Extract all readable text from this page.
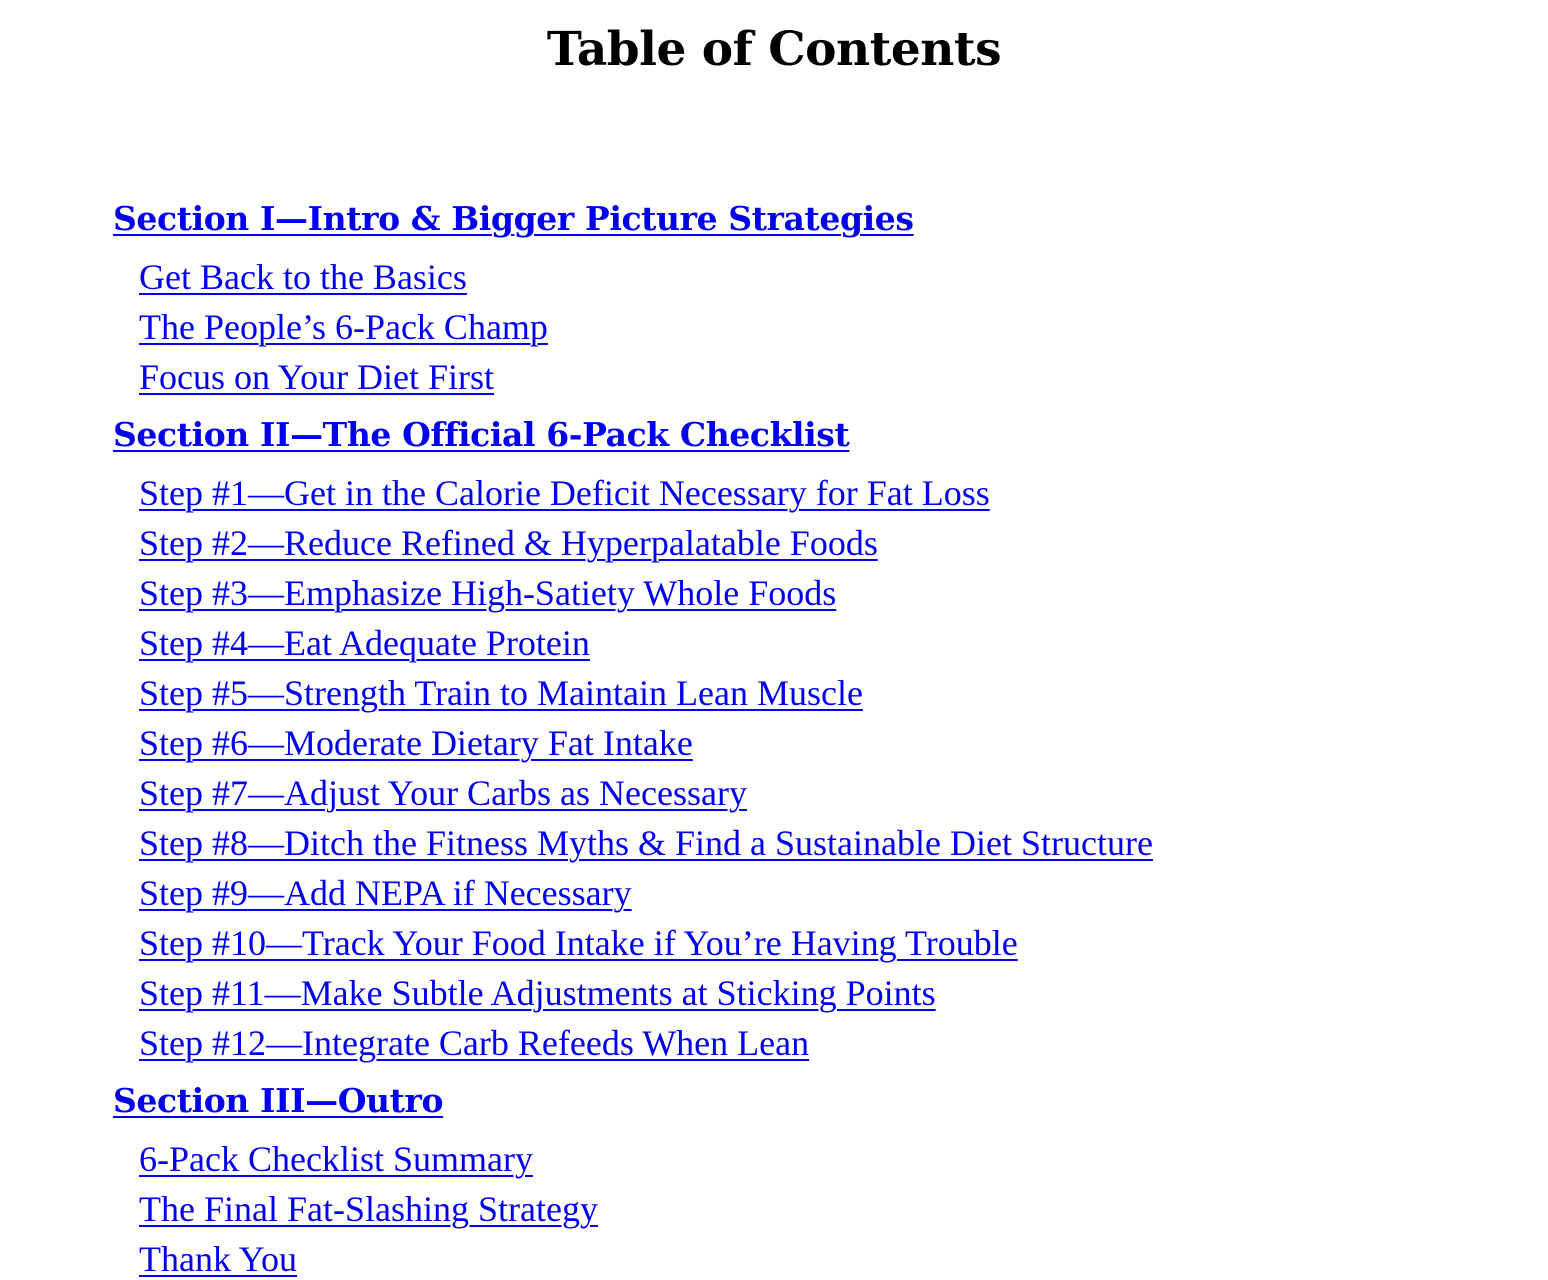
Table of Contents
Section I—Intro & Bigger Picture Strategies
Get Back to the Basics
The People’s 6-Pack Champ
Focus on Your Diet First
Section II—The Official 6-Pack Checklist
Step #1—Get in the Calorie Deficit Necessary for Fat Loss
Step #2—Reduce Refined & Hyperpalatable Foods
Step #3—Emphasize High-Satiety Whole Foods
Step #4—Eat Adequate Protein
Step #5—Strength Train to Maintain Lean Muscle
Step #6—Moderate Dietary Fat Intake
Step #7—Adjust Your Carbs as Necessary
Step #8—Ditch the Fitness Myths & Find a Sustainable Diet Structure
Step #9—Add NEPA if Necessary
Step #10—Track Your Food Intake if You’re Having Trouble
Step #11—Make Subtle Adjustments at Sticking Points
Step #12—Integrate Carb Refeeds When Lean
Section III—Outro
6-Pack Checklist Summary
The Final Fat-Slashing Strategy
Thank You
